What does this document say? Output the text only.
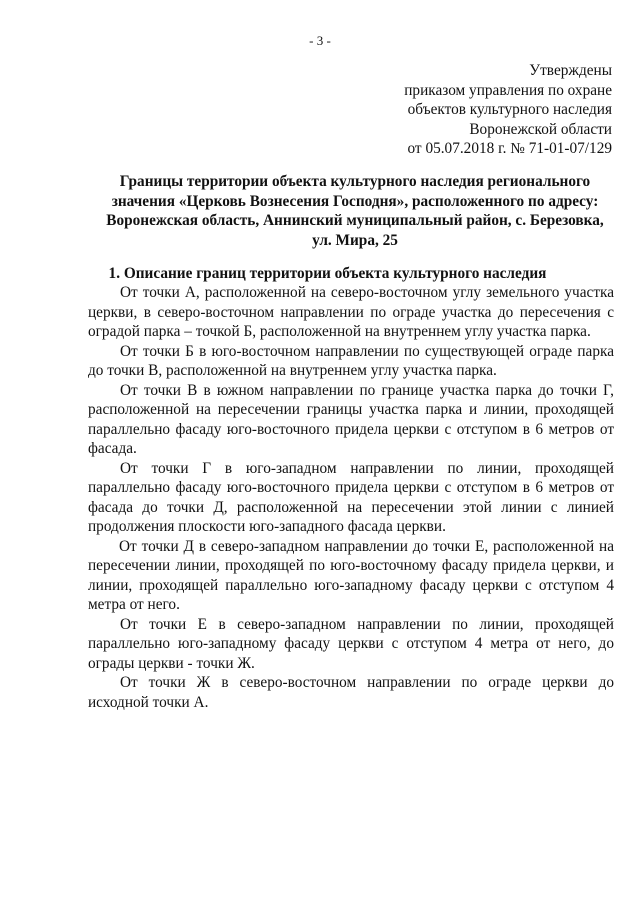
- 3 -
Утверждены
приказом управления по охране
объектов культурного наследия
Воронежской области
от 05.07.2018 г. № 71-01-07/129
Границы территории объекта культурного наследия регионального значения «Церковь Вознесения Господня», расположенного по адресу: Воронежская область, Аннинский муниципальный район, с. Березовка, ул. Мира, 25
1. Описание границ территории объекта культурного наследия

От точки А, расположенной на северо-восточном углу земельного участка церкви, в северо-восточном направлении по ограде участка до пересечения с оградой парка – точкой Б, расположенной на внутреннем углу участка парка.

От точки Б в юго-восточном направлении по существующей ограде парка до точки В, расположенной на внутреннем углу участка парка.

От точки В в южном направлении по границе участка парка до точки Г, расположенной на пересечении границы участка парка и линии, проходящей параллельно фасаду юго-восточного придела церкви с отступом в 6 метров от фасада.

От точки Г в юго-западном направлении по линии, проходящей параллельно фасаду юго-восточного придела церкви с отступом в 6 метров от фасада до точки Д, расположенной на пересечении этой линии с линией продолжения плоскости юго-западного фасада церкви.

От точки Д в северо-западном направлении до точки Е, расположенной на пересечении линии, проходящей по юго-восточному фасаду придела церкви, и линии, проходящей параллельно юго-западному фасаду церкви с отступом 4 метра от него.

От точки Е в северо-западном направлении по линии, проходящей параллельно юго-западному фасаду церкви с отступом 4 метра от него, до ограды церкви - точки Ж.

От точки Ж в северо-восточном направлении по ограде церкви до исходной точки А.
